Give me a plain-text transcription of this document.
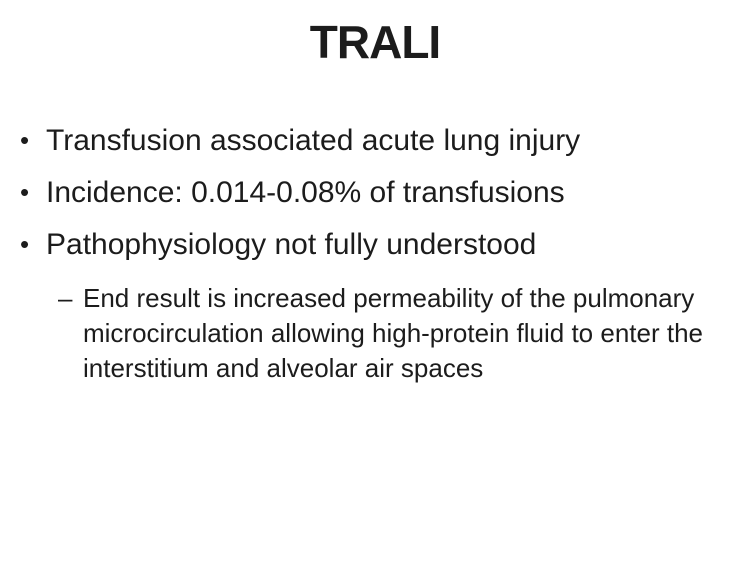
TRALI
• Transfusion associated acute lung injury
• Incidence: 0.014-0.08% of transfusions
• Pathophysiology not fully understood
– End result is increased permeability of the pulmonary microcirculation allowing high-protein fluid to enter the interstitium and alveolar air spaces
